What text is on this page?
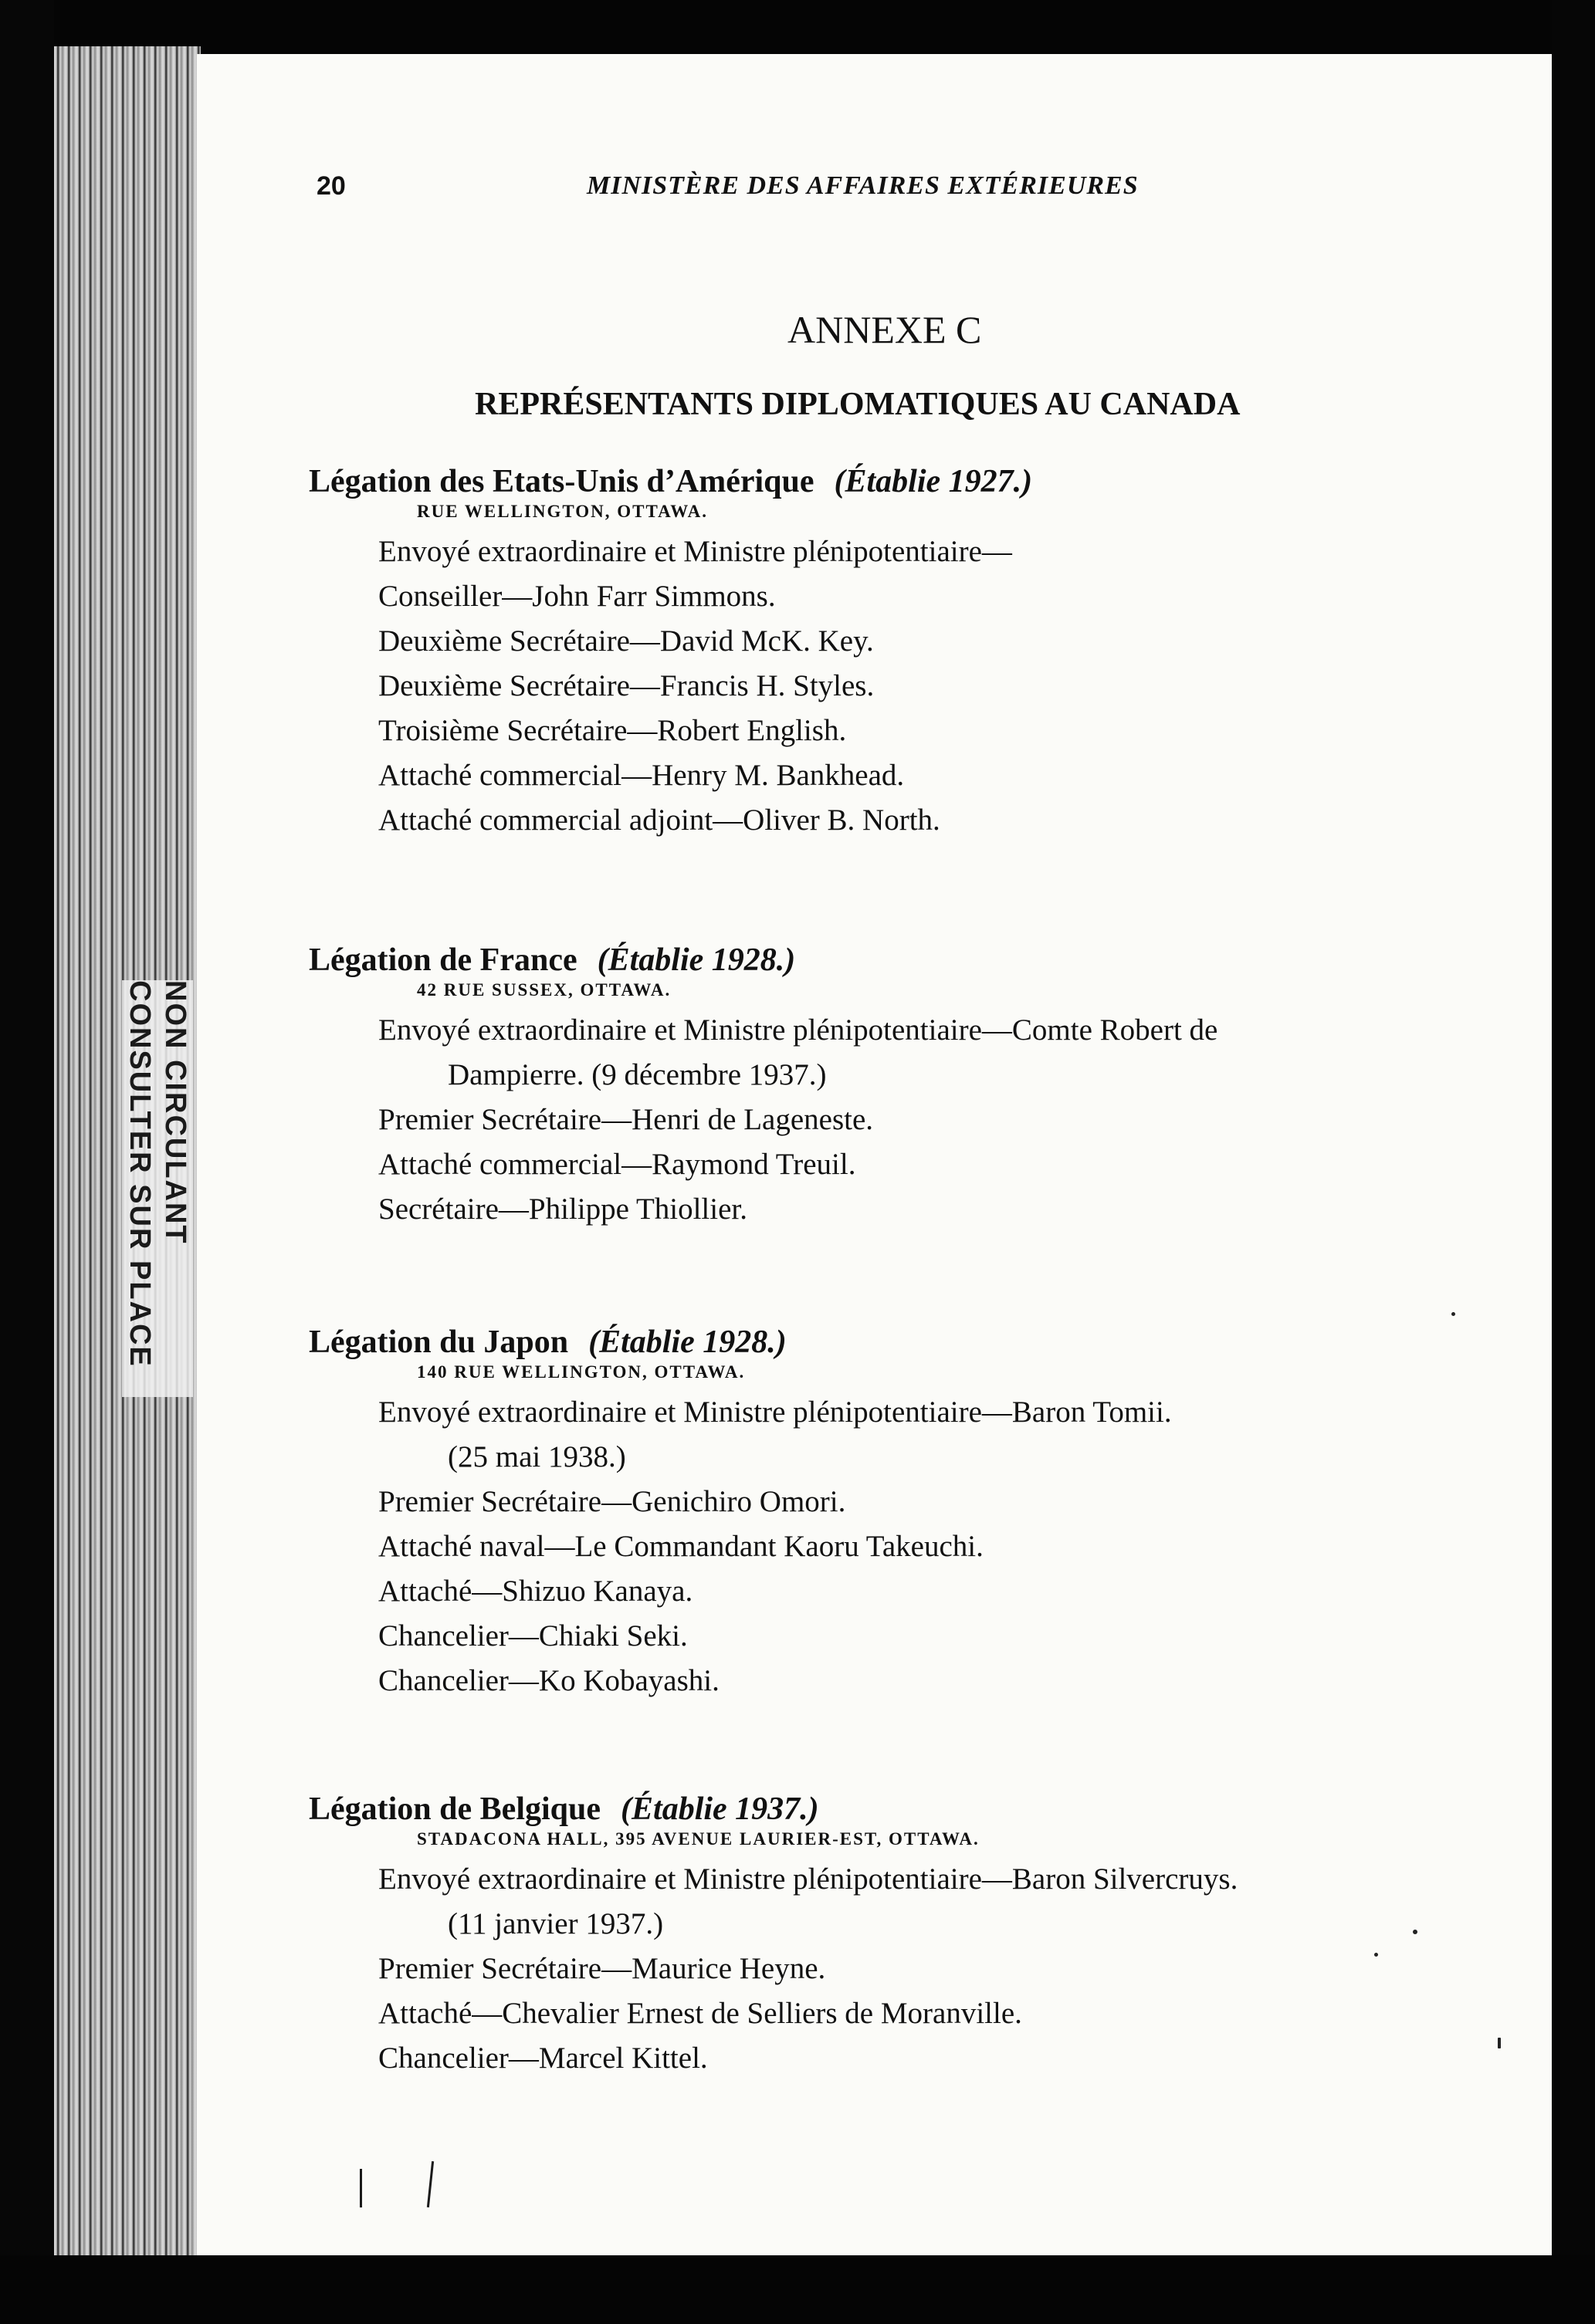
NON CIRCULANT
CONSULTER SUR PLACE
20	MINISTÈRE DES AFFAIRES EXTÉRIEURES
ANNEXE C
REPRÉSENTANTS DIPLOMATIQUES AU CANADA
Légation des Etats-Unis d’Amérique (Établie 1927.)
RUE WELLINGTON, OTTAWA.
Envoyé extraordinaire et Ministre plénipotentiaire—
Conseiller—John Farr Simmons.
Deuxième Secrétaire—David McK. Key.
Deuxième Secrétaire—Francis H. Styles.
Troisième Secrétaire—Robert English.
Attaché commercial—Henry M. Bankhead.
Attaché commercial adjoint—Oliver B. North.
Légation de France (Établie 1928.)
42 RUE SUSSEX, OTTAWA.
Envoyé extraordinaire et Ministre plénipotentiaire—Comte Robert de
Dampierre. (9 décembre 1937.)
Premier Secrétaire—Henri de Lageneste.
Attaché commercial—Raymond Treuil.
Secrétaire—Philippe Thiollier.
Légation du Japon (Établie 1928.)
140 RUE WELLINGTON, OTTAWA.
Envoyé extraordinaire et Ministre plénipotentiaire—Baron Tomii.
(25 mai 1938.)
Premier Secrétaire—Genichiro Omori.
Attaché naval—Le Commandant Kaoru Takeuchi.
Attaché—Shizuo Kanaya.
Chancelier—Chiaki Seki.
Chancelier—Ko Kobayashi.
Légation de Belgique (Établie 1937.)
STADACONA HALL, 395 AVENUE LAURIER-EST, OTTAWA.
Envoyé extraordinaire et Ministre plénipotentiaire—Baron Silvercruys.
(11 janvier 1937.)
Premier Secrétaire—Maurice Heyne.
Attaché—Chevalier Ernest de Selliers de Moranville.
Chancelier—Marcel Kittel.
